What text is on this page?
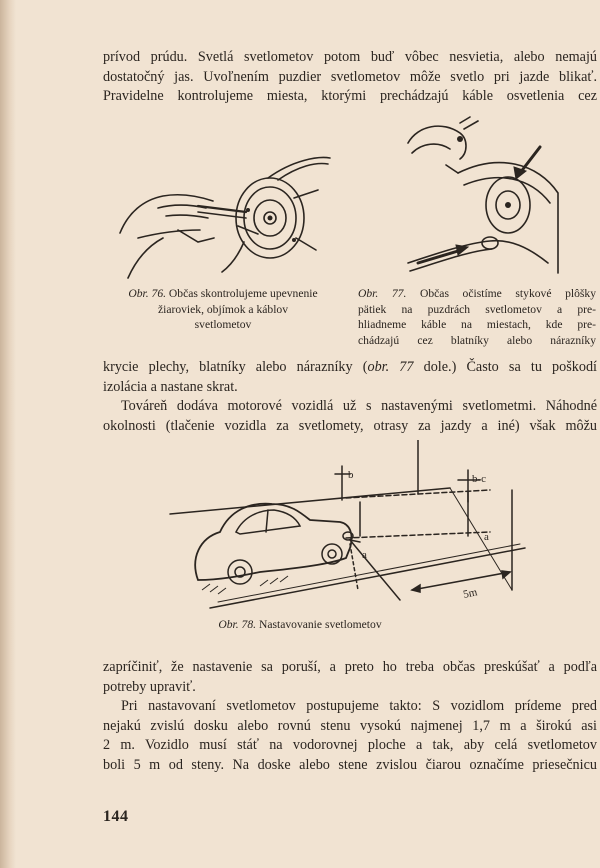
prívod prúdu. Svetlá svetlometov potom buď vôbec nesvietia, alebo nemajú
dostatočný jas. Uvoľnením puzdier svetlometov môže svetlo pri jazde blikať.
Pravidelne kontrolujeme miesta, ktorými prechádzajú káble osvetlenia cez

Obr. 76. Občas skontrolujeme upevnenie
žiaroviek, objímok a káblov
svetlometov
Obr. 77. Občas očistíme stykové plôšky
pätiek na puzdrách svetlometov a pre-
hliadneme káble na miestach, kde pre-
chádzajú cez blatníky alebo nárazníky

krycie plechy, blatníky alebo nárazníky (obr. 77 dole.) Často sa tu poškodí
izolácia a nastane skrat.
Továreň dodáva motorové vozidlá už s nastavenými svetlometmi. Náhodné
okolnosti (tlačenie vozidla za svetlomety, otrasy za jazdy a iné) však môžu

b	b-c
a
a
5m
Obr. 78. Nastavovanie svetlometov

zapríčiniť, že nastavenie sa poruší, a preto ho treba občas preskúšať a podľa
potreby upraviť.
Pri nastavovaní svetlometov postupujeme takto: S vozidlom prídeme pred
nejakú zvislú dosku alebo rovnú stenu vysokú najmenej 1,7 m a širokú asi
2 m. Vozidlo musí stáť na vodorovnej ploche a tak, aby celá svetlometov
boli 5 m od steny. Na doske alebo stene zvislou čiarou označíme priesečnicu

144
